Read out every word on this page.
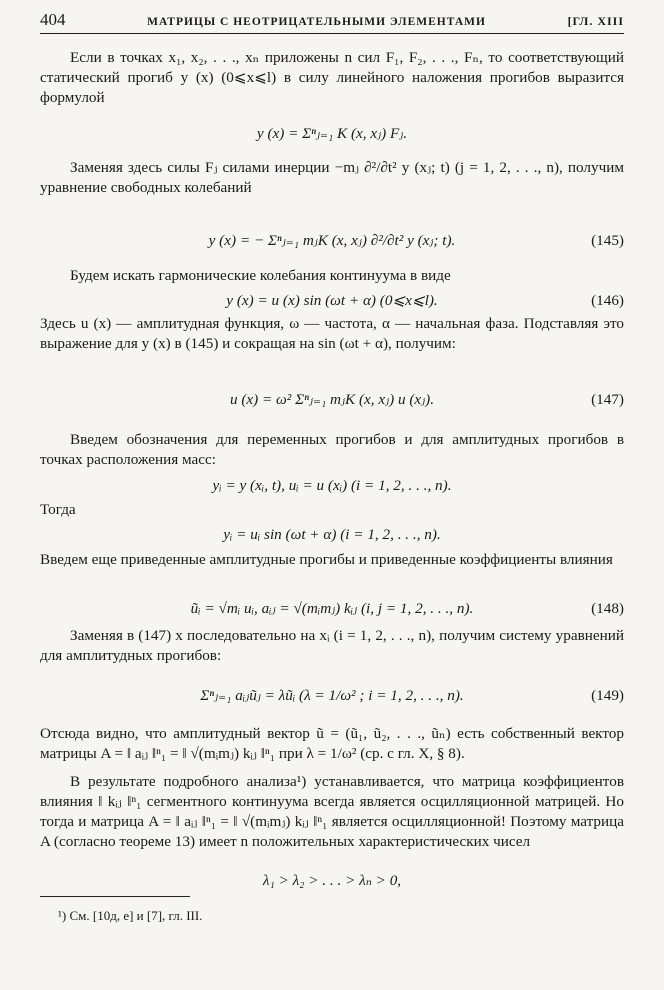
404	МАТРИЦЫ С НЕОТРИЦАТЕЛЬНЫМИ ЭЛЕМЕНТАМИ	[ГЛ. XIII

Если в точках x₁, x₂, . . ., xₙ приложены n сил F₁, F₂, . . ., Fₙ, то соответствующий статический прогиб y (x) (0⩽x⩽l) в силу линейного наложения прогибов выразится формулой

y (x) = Σⁿⱼ₌₁ K (x, xⱼ) Fⱼ.

Заменяя здесь силы Fⱼ силами инерции −mⱼ ∂²/∂t² y (xⱼ; t) (j = 1, 2, . . ., n), получим уравнение свободных колебаний

y (x) = − Σⁿⱼ₌₁ mⱼK (x, xⱼ) ∂²/∂t² y (xⱼ; t).	(145)

Будем искать гармонические колебания континуума в виде

y (x) = u (x) sin (ωt + α) (0⩽x⩽l).	(146)

Здесь u (x) — амплитудная функция, ω — частота, α — начальная фаза. Подставляя это выражение для y (x) в (145) и сокращая на sin (ωt + α), получим:

u (x) = ω² Σⁿⱼ₌₁ mⱼK (x, xⱼ) u (xⱼ).	(147)

Введем обозначения для переменных прогибов и для амплитудных прогибов в точках расположения масс:

yᵢ = y (xᵢ, t), uᵢ = u (xᵢ) (i = 1, 2, . . ., n).

Тогда

yᵢ = uᵢ sin (ωt + α) (i = 1, 2, . . ., n).

Введем еще приведенные амплитудные прогибы и приведенные коэффициенты влияния

ũᵢ = √mᵢ uᵢ, aᵢⱼ = √(mᵢmⱼ) kᵢⱼ (i, j = 1, 2, . . ., n).	(148)

Заменяя в (147) x последовательно на xᵢ (i = 1, 2, . . ., n), получим систему уравнений для амплитудных прогибов:

Σⁿⱼ₌₁ aᵢⱼũⱼ = λũᵢ (λ = 1/ω² ; i = 1, 2, . . ., n).	(149)

Отсюда видно, что амплитудный вектор ũ = (ũ₁, ũ₂, . . ., ũₙ) есть собственный вектор матрицы A = ‖ aᵢⱼ ‖ⁿ₁ = ‖ √(mᵢmⱼ) kᵢⱼ ‖ⁿ₁ при λ = 1/ω² (ср. с гл. X, § 8).

В результате подробного анализа¹) устанавливается, что матрица коэффициентов влияния ‖ kᵢⱼ ‖ⁿ₁ сегментного континуума всегда является осцилляционной матрицей. Но тогда и матрица A = ‖ aᵢⱼ ‖ⁿ₁ = ‖ √(mᵢmⱼ) kᵢⱼ ‖ⁿ₁ является осцилляционной! Поэтому матрица A (согласно теореме 13) имеет n положительных характеристических чисел

λ₁ > λ₂ > . . . > λₙ > 0,
¹) См. [10д, e] и [7], гл. III.
